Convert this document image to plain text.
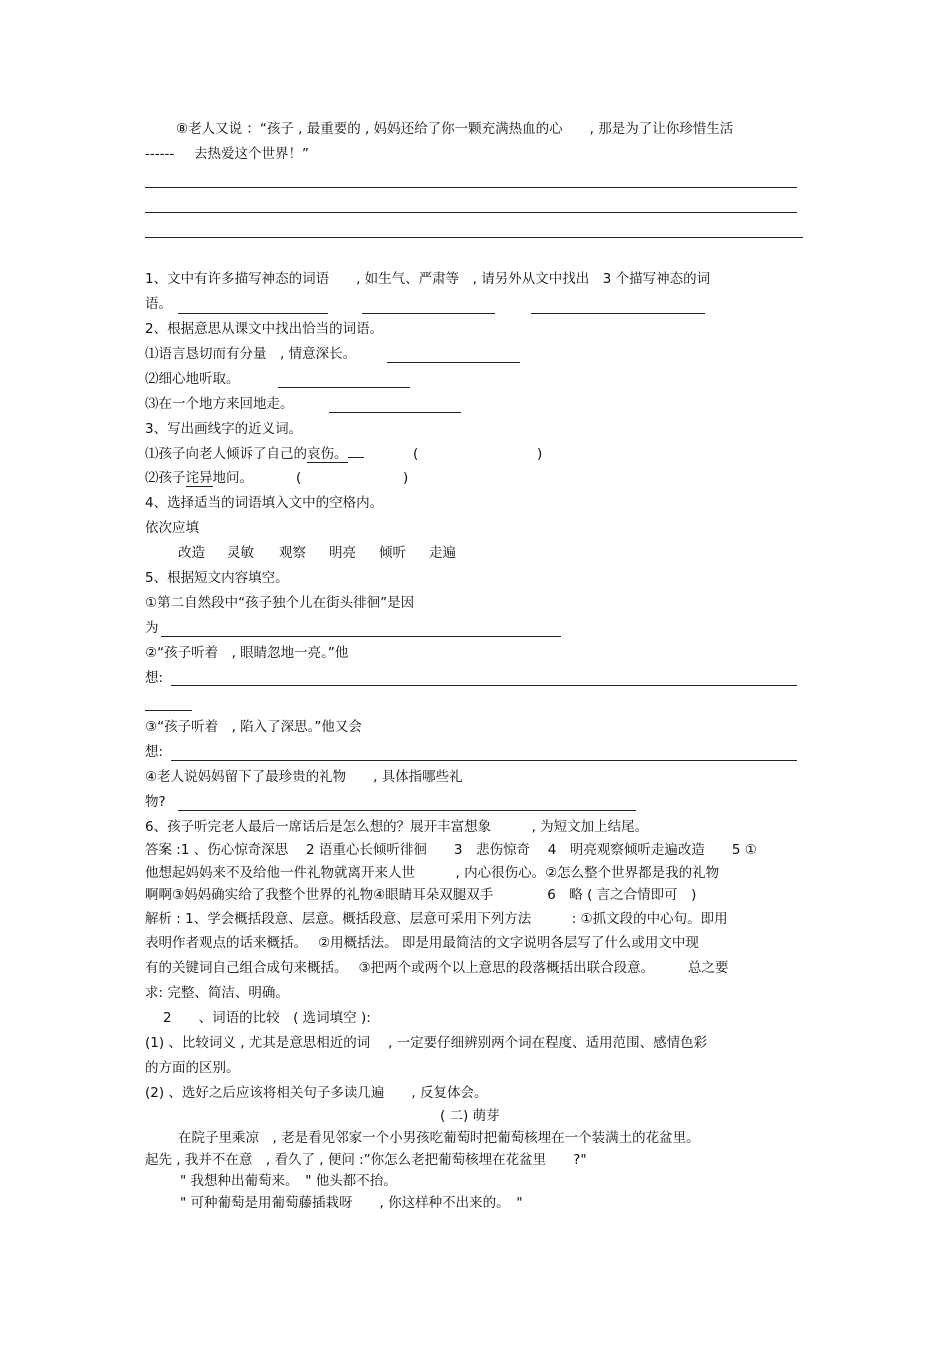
⑧老人又说 ：“孩子 , 最重要的 , 妈妈还给了你一颗充满热血的心　　, 那是为了让你珍惜生活
------ 去热爱这个世界！”
1、文中有许多描写神态的词语　　, 如生气、严肃等　, 请另外从文中找出　3 个描写神态的词
语。
2、根据意思从课文中找出恰当的词语。
⑴语言恳切而有分量　, 情意深长。
⑵细心地听取。
⑶在一个地方来回地走。
3、写出画线字的近义词。
⑴孩子向老人倾诉了自己的哀伤。	(	)
⑵孩子诧异地问。	(	)
4、选择适当的词语填入文中的空格内。
依次应填
改造 灵敏 观察 明亮 倾听 走遍
5、根据短文内容填空。
①第二自然段中“孩子独个儿在街头徘徊”是因
为
②“孩子听着　, 眼睛忽地一亮。”他
想:
③“孩子听着　, 陷入了深思。”他又会
想:
④老人说妈妈留下了最珍贵的礼物　　, 具体指哪些礼
物?
6、孩子听完老人最后一席话后是怎么想的？展开丰富想象　　　, 为短文加上结尾。
答案 :1 、伤心惊奇深思　 2 语重心长倾听徘徊　　3　悲伤惊奇　 4　明亮观察倾听走遍改造　　5 ①
他想起妈妈来不及给他一件礼物就离开来人世　　　, 内心很伤心。②怎么整个世界都是我的礼物
啊啊③妈妈确实给了我整个世界的礼物④眼睛耳朵双腿双手　　　　6　略 ( 言之合情即可　)
解析 : 1、学会概括段意、层意。概括段意、层意可采用下列方法　　　: ①抓文段的中心句。即用
表明作者观点的话来概括。　 ②用概括法。 即是用最简洁的文字说明各层写了什么或用文中现
有的关键词自己组合成句来概括。　 ③把两个或两个以上意思的段落概括出联合段意。　　　总之要
求: 完整、简洁、明确。
2　　、词语的比较　( 选词填空 ):
(1) 、比较词义 , 尤其是意思相近的词　 , 一定要仔细辨别两个词在程度、适用范围、感情色彩
的方面的区别。
(2) 、选好之后应该将相关句子多读几遍　　, 反复体会。
( 二) 萌芽
在院子里乘凉　, 老是看见邻家一个小男孩吃葡萄时把葡萄核埋在一个装满土的花盆里。
起先 , 我并不在意　, 看久了 , 便问 :”你怎么老把葡萄核埋在花盆里　　?"
" 我想种出葡萄来。　" 他头都不抬。
" 可种葡萄是用葡萄藤插栽呀　　, 你这样种不出来的。　"
